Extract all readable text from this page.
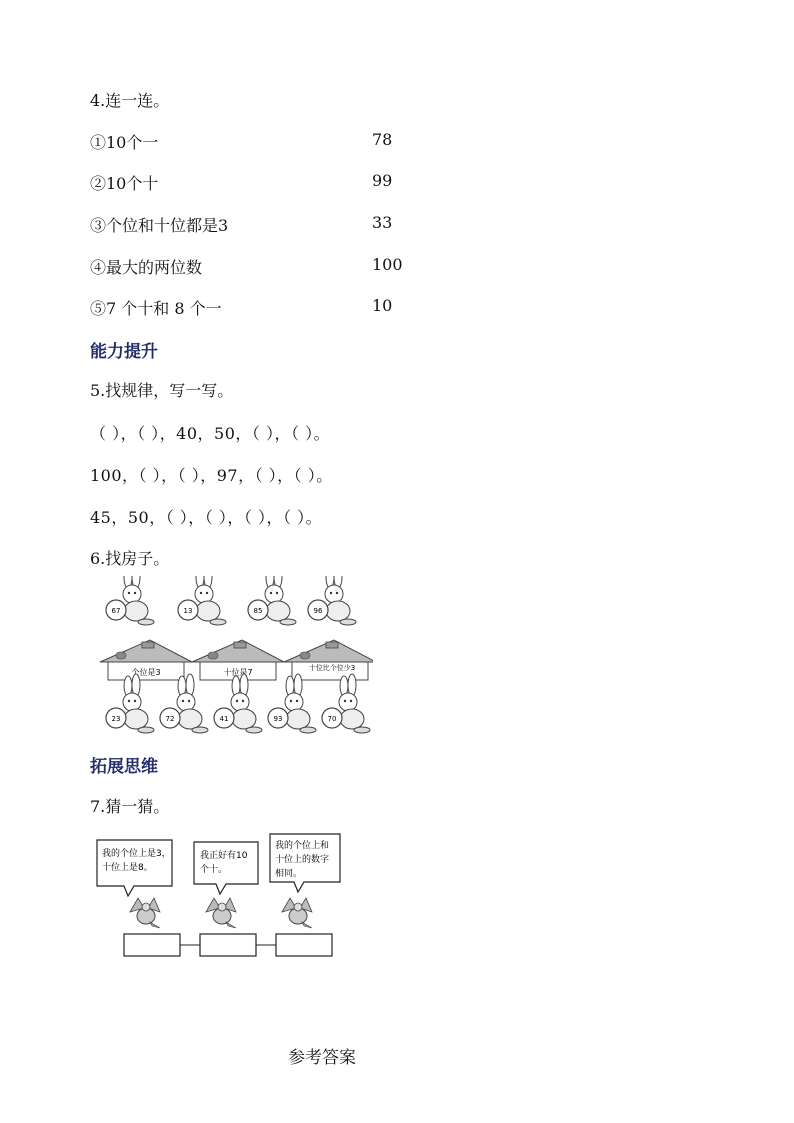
4.连一连。
①10个一	78
②10个十	99
③个位和十位都是3	33
④最大的两位数	100
⑤7 个十和 8 个一	10
能力提升
5.找规律，写一写。
（ ），（ ），40，50，（ ），（ ）。
100，（ ），（ ），97，（ ），（ ）。
45，50，（ ），（ ），（ ），（ ）。
6.找房子。
67	13	85	96
个位是3	十位是7	十位比个位少3
23	72	41	93	70
拓展思维
7.猜一猜。
我的个位上是3，
十位上是8。
我正好有10
个十。
我的个位上和
十位上的数字
相同。
参考答案
